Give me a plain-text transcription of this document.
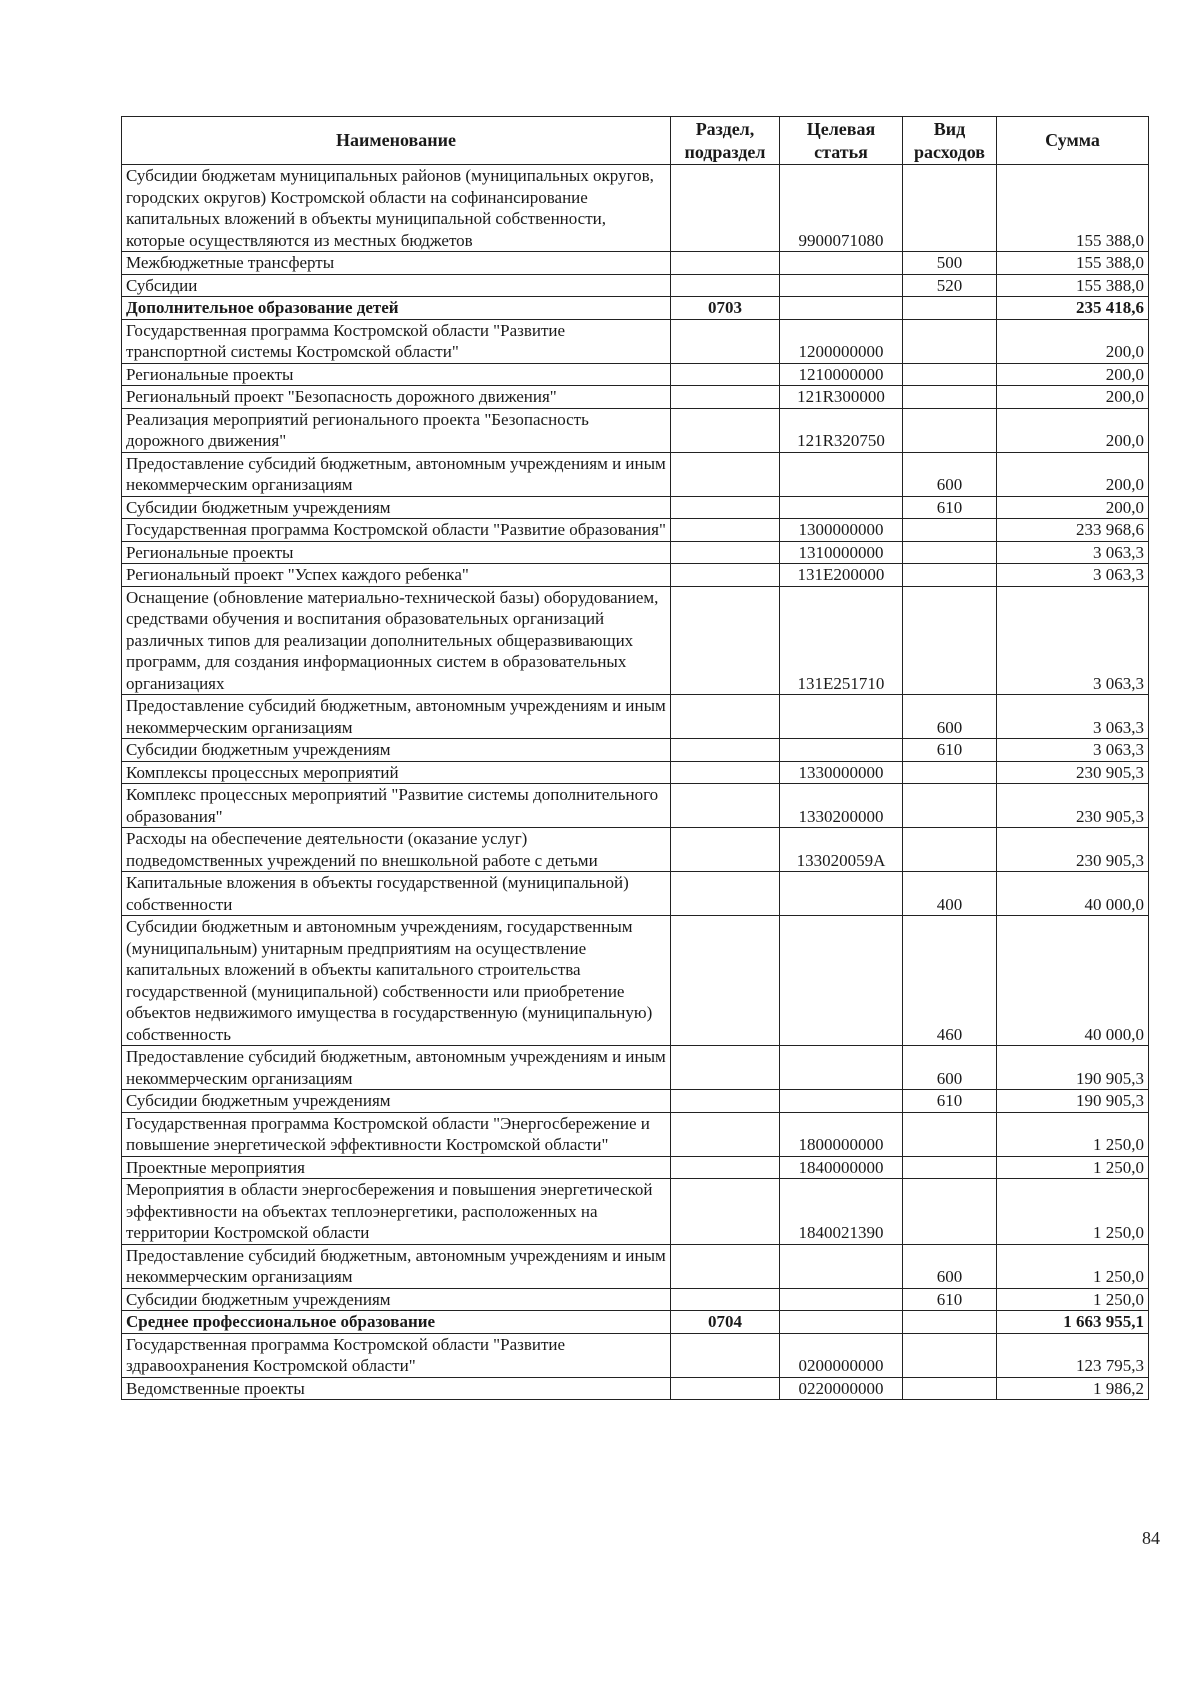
Наименование	Раздел, подраздел	Целевая статья	Вид расходов	Сумма
Субсидии бюджетам муниципальных районов (муниципальных округов, городских округов) Костромской области на софинансирование капитальных вложений в объекты муниципальной собственности, которые осуществляются из местных бюджетов		9900071080		155 388,0
Межбюджетные трансферты			500	155 388,0
Субсидии			520	155 388,0
Дополнительное образование детей	0703			235 418,6
Государственная программа Костромской области "Развитие транспортной системы Костромской области"		1200000000		200,0
Региональные проекты		1210000000		200,0
Региональный проект "Безопасность дорожного движения"		121R300000		200,0
Реализация мероприятий регионального проекта "Безопасность дорожного движения"		121R320750		200,0
Предоставление субсидий бюджетным, автономным учреждениям и иным некоммерческим организациям			600	200,0
Субсидии бюджетным учреждениям			610	200,0
Государственная программа Костромской области "Развитие образования"		1300000000		233 968,6
Региональные проекты		1310000000		3 063,3
Региональный проект "Успех каждого ребенка"		131E200000		3 063,3
Оснащение (обновление материально-технической базы) оборудованием, средствами обучения и воспитания образовательных организаций различных типов для реализации дополнительных общеразвивающих программ, для создания информационных систем в образовательных организациях		131E251710		3 063,3
Предоставление субсидий бюджетным, автономным учреждениям и иным некоммерческим организациям			600	3 063,3
Субсидии бюджетным учреждениям			610	3 063,3
Комплексы процессных мероприятий		1330000000		230 905,3
Комплекс процессных мероприятий "Развитие системы дополнительного образования"		1330200000		230 905,3
Расходы на обеспечение деятельности (оказание услуг) подведомственных учреждений по внешкольной работе с детьми		133020059А		230 905,3
Капитальные вложения в объекты государственной (муниципальной) собственности			400	40 000,0
Субсидии бюджетным и автономным учреждениям, государственным (муниципальным) унитарным предприятиям на осуществление капитальных вложений в объекты капитального строительства государственной (муниципальной) собственности или приобретение объектов недвижимого имущества в государственную (муниципальную) собственность			460	40 000,0
Предоставление субсидий бюджетным, автономным учреждениям и иным некоммерческим организациям			600	190 905,3
Субсидии бюджетным учреждениям			610	190 905,3
Государственная программа Костромской области "Энергосбережение и повышение энергетической эффективности Костромской области"		1800000000		1 250,0
Проектные мероприятия		1840000000		1 250,0
Мероприятия в области энергосбережения и повышения энергетической эффективности на объектах теплоэнергетики, расположенных на территории Костромской области		1840021390		1 250,0
Предоставление субсидий бюджетным, автономным учреждениям и иным некоммерческим организациям			600	1 250,0
Субсидии бюджетным учреждениям			610	1 250,0
Среднее профессиональное образование	0704			1 663 955,1
Государственная программа Костромской области "Развитие здравоохранения Костромской области"		0200000000		123 795,3
Ведомственные проекты		0220000000		1 986,2
84
